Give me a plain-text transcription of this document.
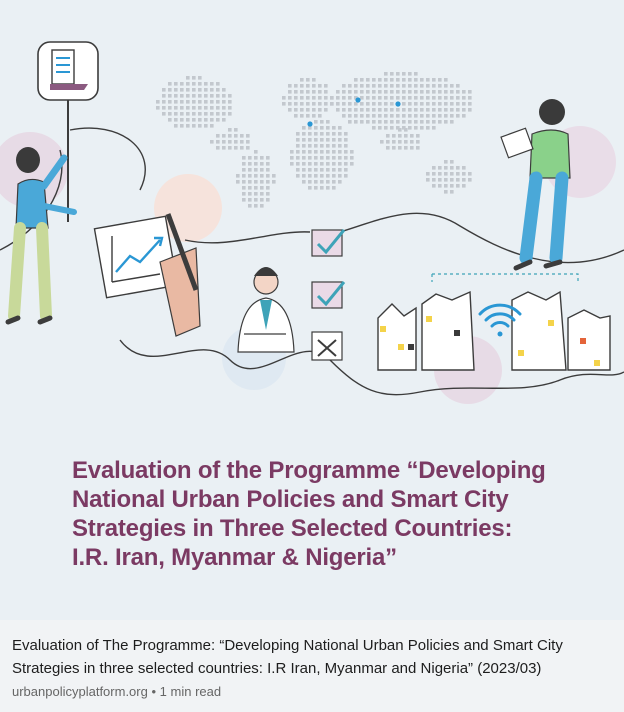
Evaluation of the Programme “Developing
National Urban Policies and Smart City
Strategies in Three Selected Countries:
I.R. Iran, Myanmar & Nigeria”
Evaluation of The Programme: “Developing National Urban Policies and Smart City Strategies in three selected countries: I.R Iran, Myanmar and Nigeria” (2023/03)
urbanpolicyplatform.org • 1 min read
